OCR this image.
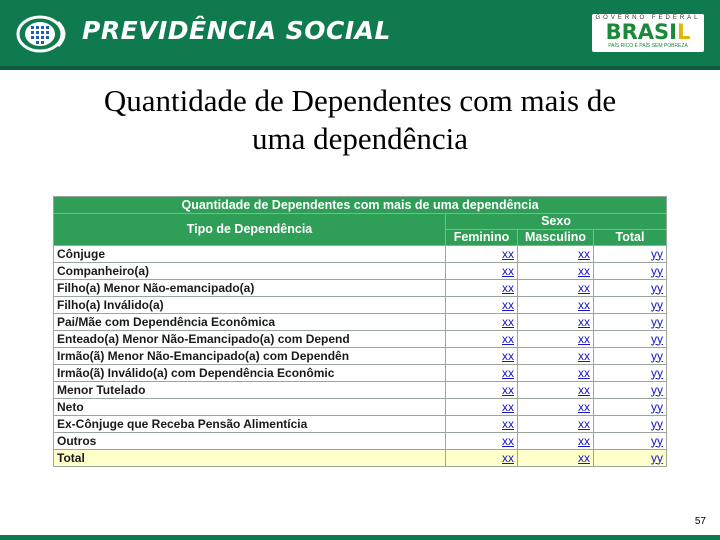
PREVIDÊNCIA SOCIAL	GOVERNO FEDERAL
BRASIL
PAÍS RICO É PAÍS SEM POBREZA
Quantidade de Dependentes com mais de
uma dependência
Quantidade de Dependentes com mais de uma dependência			
Tipo de Dependência	Sexo		
	Feminino	Masculino	Total
Cônjuge	xx	xx	yy
Companheiro(a)	xx	xx	yy
Filho(a) Menor Não-emancipado(a)	xx	xx	yy
Filho(a) Inválido(a)	xx	xx	yy
Pai/Mãe com Dependência Econômica	xx	xx	yy
Enteado(a) Menor Não-Emancipado(a) com Depend	xx	xx	yy
Irmão(ã) Menor Não-Emancipado(a) com Dependên	xx	xx	yy
Irmão(ã) Inválido(a) com Dependência Econômic	xx	xx	yy
Menor Tutelado	xx	xx	yy
Neto	xx	xx	yy
Ex-Cônjuge que Receba Pensão Alimentícia	xx	xx	yy
Outros	xx	xx	yy
Total	xx	xx	yy
57
